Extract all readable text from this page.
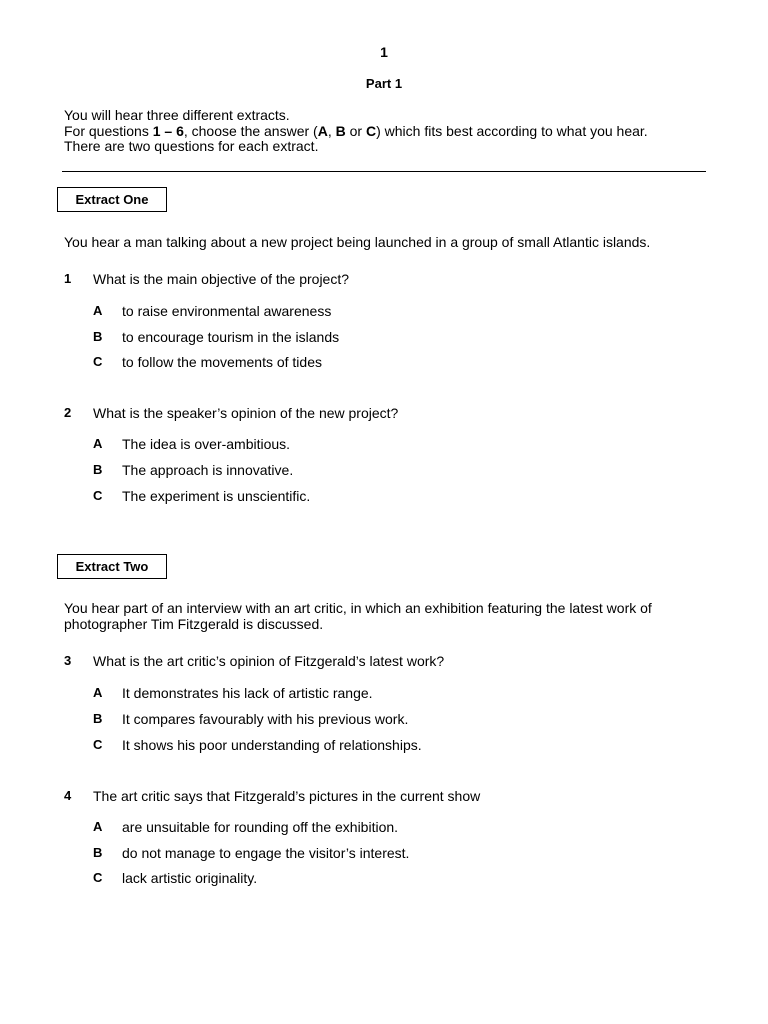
1
Part 1
You will hear three different extracts.
For questions 1 – 6, choose the answer (A, B or C) which fits best according to what you hear.
There are two questions for each extract.
Extract One
You hear a man talking about a new project being launched in a group of small Atlantic islands.
1 What is the main objective of the project?
A to raise environmental awareness
B to encourage tourism in the islands
C to follow the movements of tides
2 What is the speaker’s opinion of the new project?
A The idea is over-ambitious.
B The approach is innovative.
C The experiment is unscientific.
Extract Two
You hear part of an interview with an art critic, in which an exhibition featuring the latest work of photographer Tim Fitzgerald is discussed.
3 What is the art critic’s opinion of Fitzgerald’s latest work?
A It demonstrates his lack of artistic range.
B It compares favourably with his previous work.
C It shows his poor understanding of relationships.
4 The art critic says that Fitzgerald’s pictures in the current show
A are unsuitable for rounding off the exhibition.
B do not manage to engage the visitor’s interest.
C lack artistic originality.
